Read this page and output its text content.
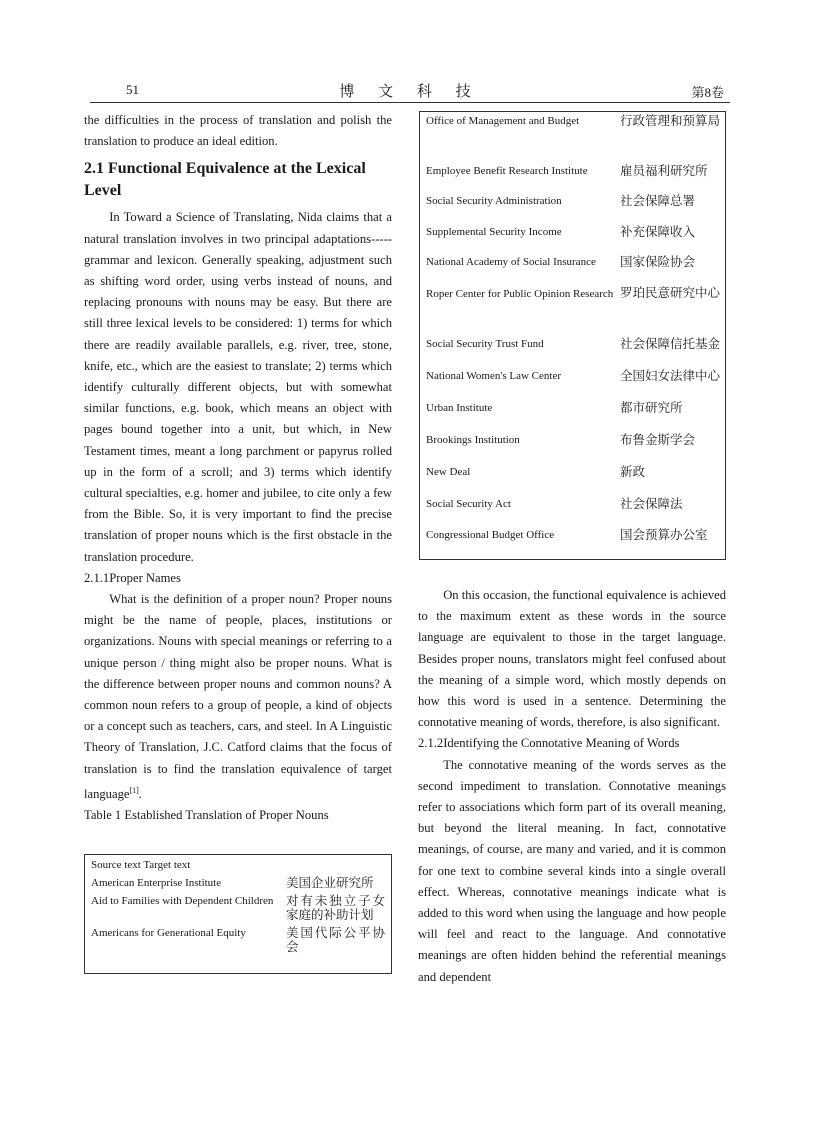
51	博 文 科 技	第8卷

the difficulties in the process of translation and polish the translation to produce an ideal edition.

2.1 Functional Equivalence at the Lexical Level

In Toward a Science of Translating, Nida claims that a natural translation involves in two principal adaptations-----grammar and lexicon. Generally speaking, adjustment such as shifting word order, using verbs instead of nouns, and replacing pronouns with nouns may be easy. But there are still three lexical levels to be considered: 1) terms for which there are readily available parallels, e.g. river, tree, stone, knife, etc., which are the easiest to translate; 2) terms which identify culturally different objects, but with somewhat similar functions, e.g. book, which means an object with pages bound together into a unit, but which, in New Testament times, meant a long parchment or papyrus rolled up in the form of a scroll; and 3) terms which identify cultural specialties, e.g. homer and jubilee, to cite only a few from the Bible. So, it is very important to find the precise translation of proper nouns which is the first obstacle in the translation procedure.

2.1.1Proper Names

What is the definition of a proper noun? Proper nouns might be the name of people, places, institutions or organizations. Nouns with special meanings or referring to a unique person / thing might also be proper nouns. What is the difference between proper nouns and common nouns? A common noun refers to a group of people, a kind of objects or a concept such as teachers, cars, and steel. In A Linguistic Theory of Translation, J.C. Catford claims that the focus of translation is to find the translation equivalence of target language[1].

Table 1 Established Translation of Proper Nouns

Source text Target text
American Enterprise Institute	美国企业研究所
Aid to Families with Dependent Children	对有未独立子女家庭的补助计划
Americans for Generational Equity	美国代际公平协会
Office of Management and Budget	行政管理和预算局
Employee Benefit Research Institute	雇员福利研究所
Social Security Administration	社会保障总署
Supplemental Security Income	补充保障收入
National Academy of Social Insurance	国家保险协会
Roper Center for Public Opinion Research 罗珀民意研究中心
Social Security Trust Fund	社会保障信托基金
National Women's Law Center	全国妇女法律中心
Urban Institute	都市研究所
Brookings Institution	布鲁金斯学会
New Deal	新政
Social Security Act	社会保障法
Congressional Budget Office	国会预算办公室

On this occasion, the functional equivalence is achieved to the maximum extent as these words in the source language are equivalent to those in the target language. Besides proper nouns, translators might feel confused about the meaning of a simple word, which mostly depends on how this word is used in a sentence. Determining the connotative meaning of words, therefore, is also significant.

2.1.2Identifying the Connotative Meaning of Words

The connotative meaning of the words serves as the second impediment to translation. Connotative meanings refer to associations which form part of its overall meaning, but beyond the literal meaning. In fact, connotative meanings, of course, are many and varied, and it is common for one text to combine several kinds into a single overall effect. Whereas, connotative meanings indicate what is added to this word when using the language and how people will feel and react to the language. And connotative meanings are often hidden behind the referential meanings and dependent
